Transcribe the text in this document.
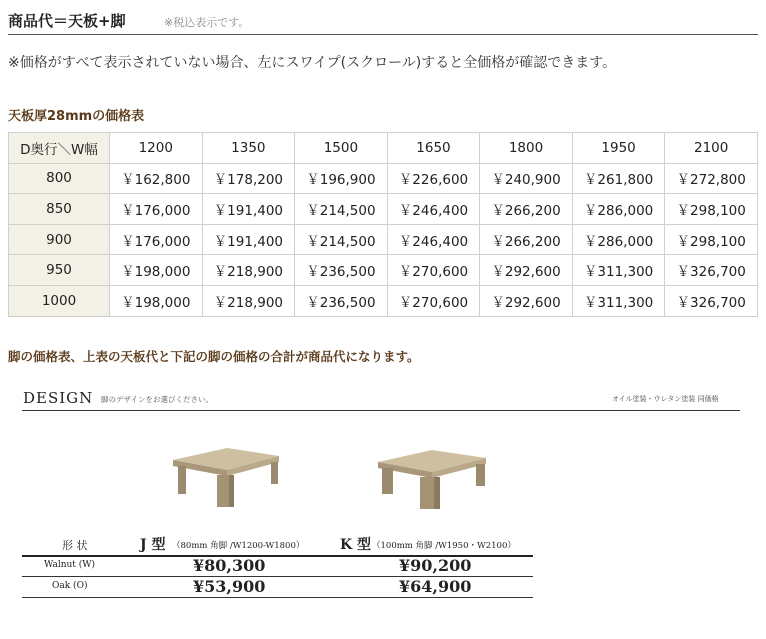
商品代＝天板+脚	※税込表示です。
※価格がすべて表示されていない場合、左にスワイプ(スクロール)すると全価格が確認できます。
天板厚28mmの価格表
D奥行＼W幅	1200	1350	1500	1650	1800	1950	2100
800	￥162,800	￥178,200	￥196,900	￥226,600	￥240,900	￥261,800	￥272,800
850	￥176,000	￥191,400	￥214,500	￥246,400	￥266,200	￥286,000	￥298,100
900	￥176,000	￥191,400	￥214,500	￥246,400	￥266,200	￥286,000	￥298,100
950	￥198,000	￥218,900	￥236,500	￥270,600	￥292,600	￥311,300	￥326,700
1000	￥198,000	￥218,900	￥236,500	￥270,600	￥292,600	￥311,300	￥326,700
脚の価格表、上表の天板代と下記の脚の価格の合計が商品代になります。
DESIGN 脚のデザインをお選びください。	オイル塗装・ウレタン塗装 同価格
形 状	J 型 （80mm 角脚 /W1200-W1800）	K 型 （100mm 角脚 /W1950・W2100）
Walnut (W)	¥80,300	¥90,200
Oak (O)	¥53,900	¥64,900
